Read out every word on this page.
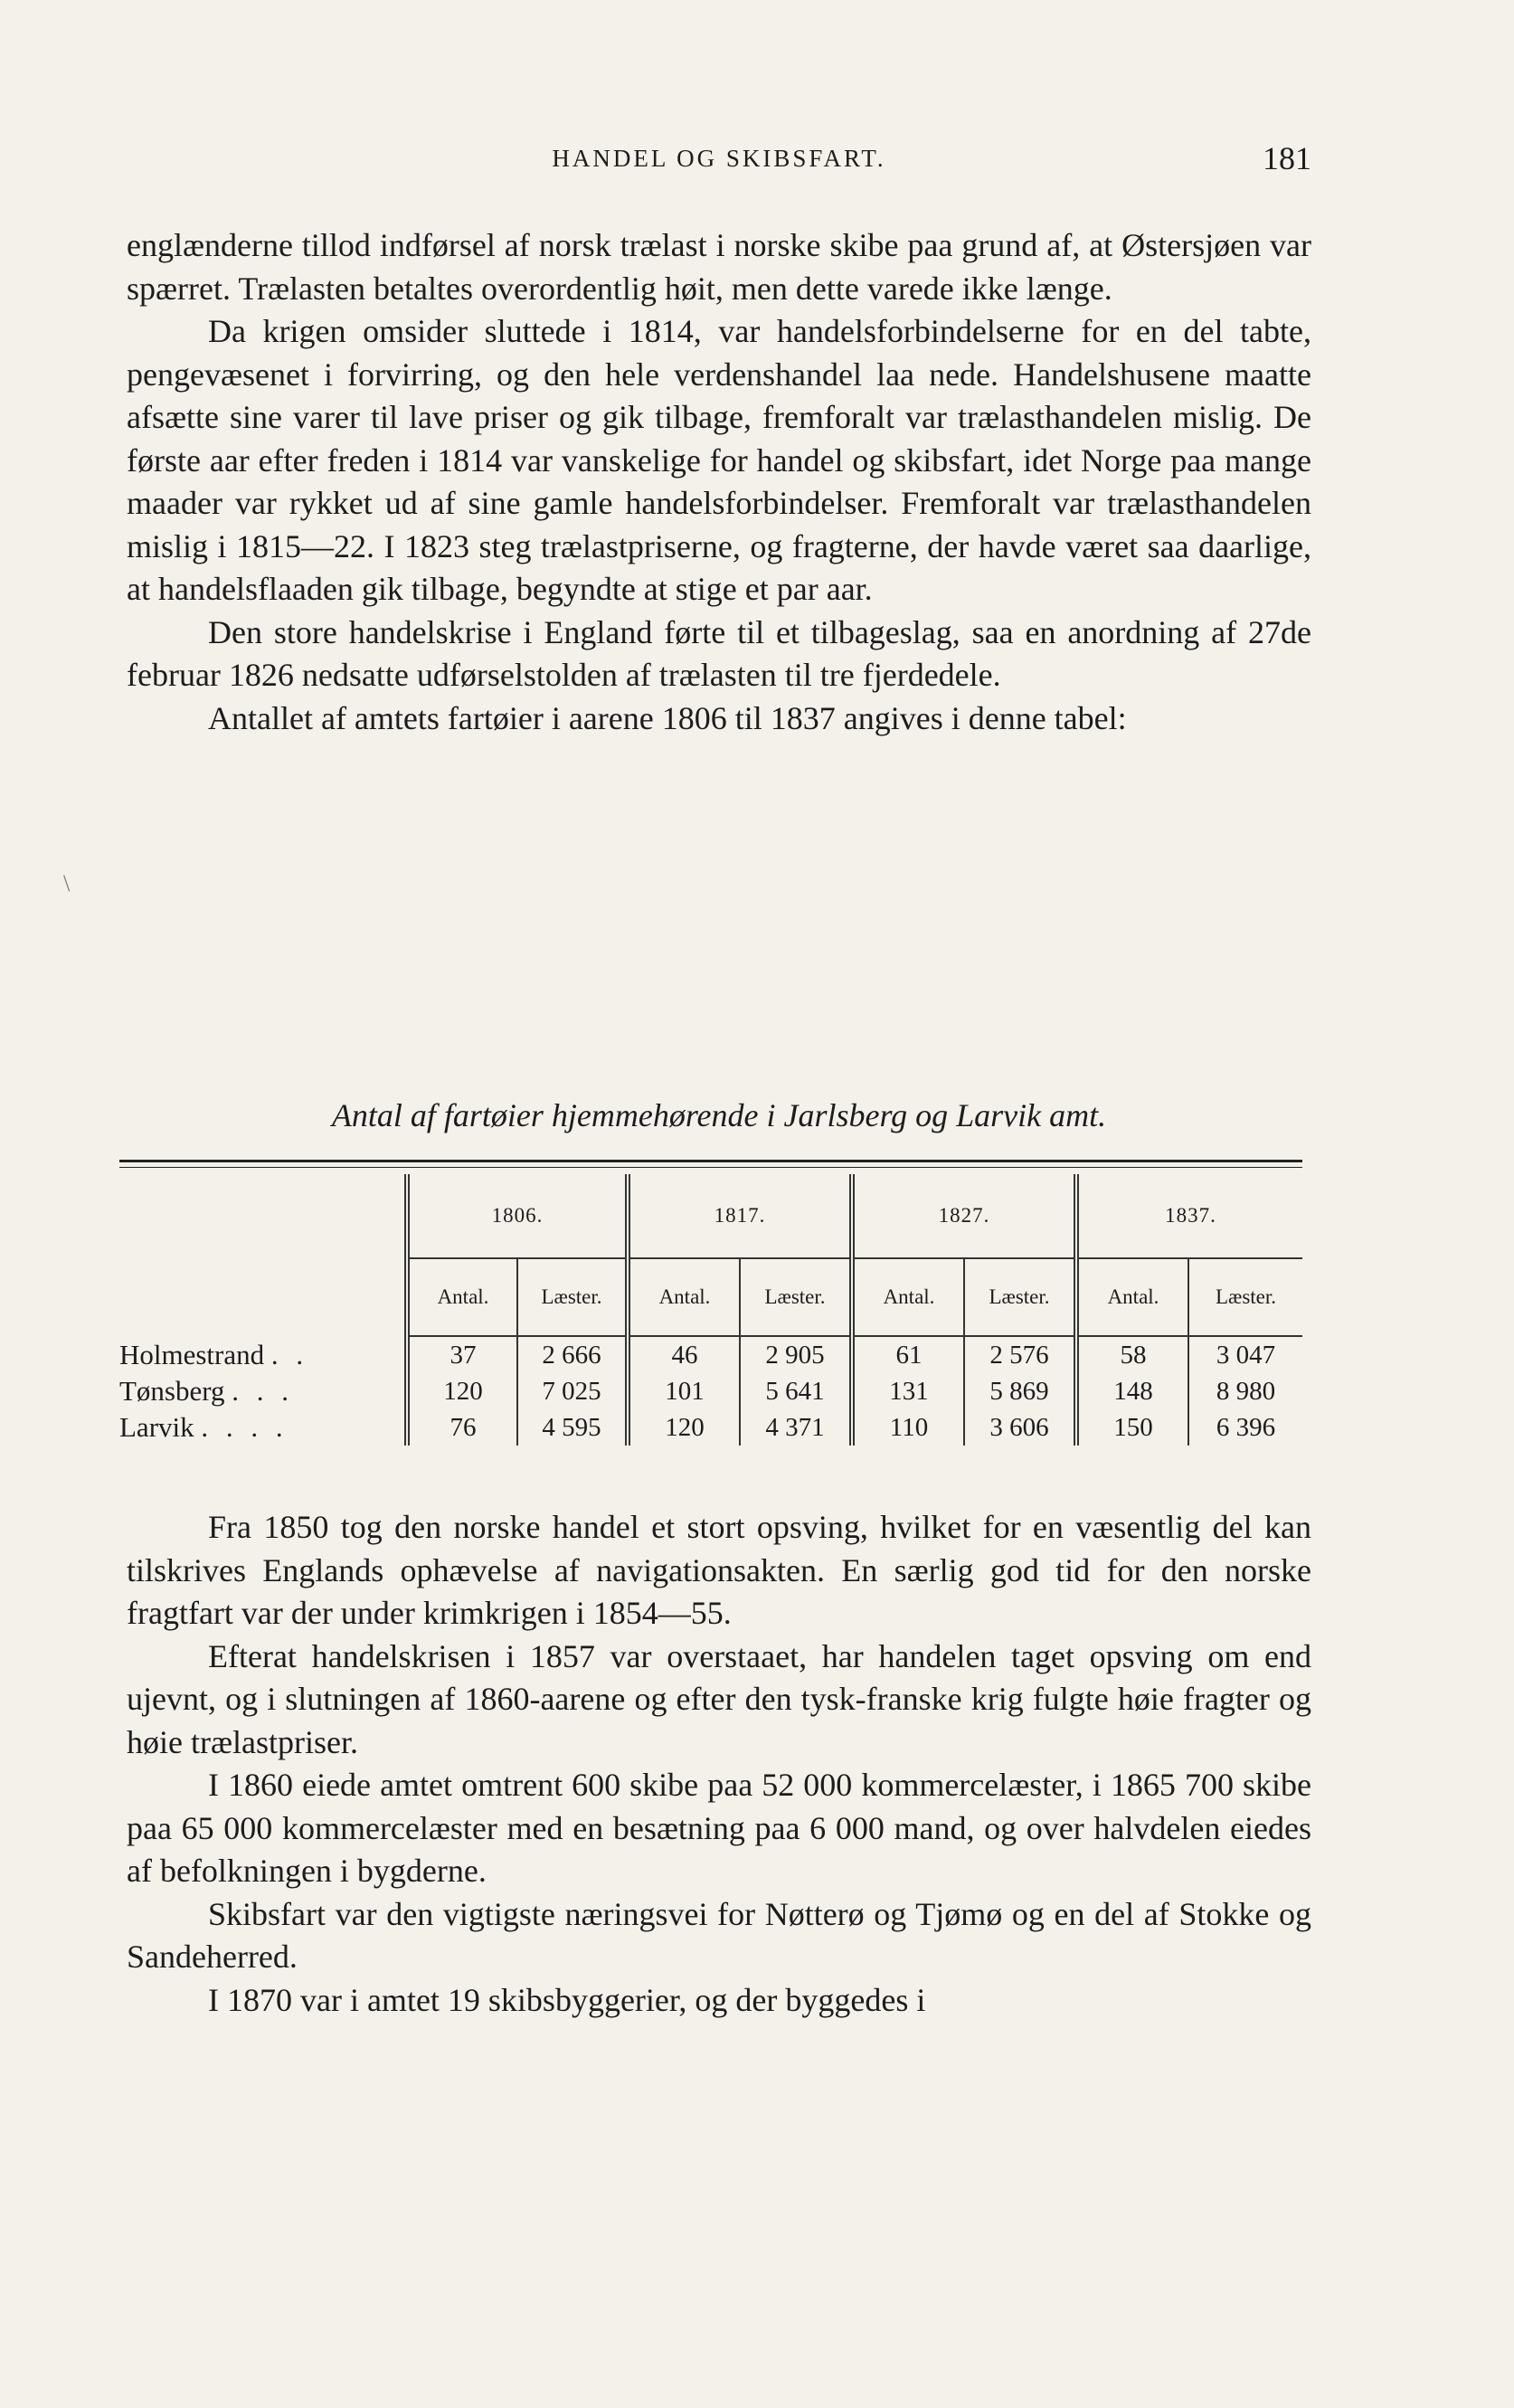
HANDEL OG SKIBSFART.	181

englænderne tillod indførsel af norsk trælast i norske skibe paa grund af, at Østersjøen var spærret. Trælasten betaltes overordentlig høit, men dette varede ikke længe.

Da krigen omsider sluttede i 1814, var handelsforbindelserne for en del tabte, pengevæsenet i forvirring, og den hele verdenshandel laa nede. Handelshusene maatte afsætte sine varer til lave priser og gik tilbage, fremforalt var trælasthandelen mislig. De første aar efter freden i 1814 var vanskelige for handel og skibsfart, idet Norge paa mange maader var rykket ud af sine gamle handelsforbindelser. Fremforalt var trælasthandelen mislig i 1815—22. I 1823 steg trælastpriserne, og fragterne, der havde været saa daarlige, at handelsflaaden gik tilbage, begyndte at stige et par aar.

Den store handelskrise i England førte til et tilbageslag, saa en anordning af 27de februar 1826 nedsatte udførselstolden af trælasten til tre fjerdedele.

Antallet af amtets fartøier i aarene 1806 til 1837 angives i denne tabel:

\
Antal af fartøier hjemmehørende i Jarlsberg og Larvik amt.
	1806.		1817.		1827.		1837.	
	Antal.	Læster.	Antal.	Læster.	Antal.	Læster.	Antal.	Læster.
Holmestrand . .	37	2 666	46	2 905	61	2 576	58	3 047
Tønsberg . . .	120	7 025	101	5 641	131	5 869	148	8 980
Larvik . . . .	76	4 595	120	4 371	110	3 606	150	6 396

Fra 1850 tog den norske handel et stort opsving, hvilket for en væsentlig del kan tilskrives Englands ophævelse af navigationsakten. En særlig god tid for den norske fragtfart var der under krimkrigen i 1854—55.

Efterat handelskrisen i 1857 var overstaaet, har handelen taget opsving om end ujevnt, og i slutningen af 1860-aarene og efter den tysk-franske krig fulgte høie fragter og høie trælastpriser.

I 1860 eiede amtet omtrent 600 skibe paa 52 000 kommercelæster, i 1865 700 skibe paa 65 000 kommercelæster med en besætning paa 6 000 mand, og over halvdelen eiedes af befolkningen i bygderne.

Skibsfart var den vigtigste næringsvei for Nøtterø og Tjømø og en del af Stokke og Sandeherred.

I 1870 var i amtet 19 skibsbyggerier, og der byggedes i
